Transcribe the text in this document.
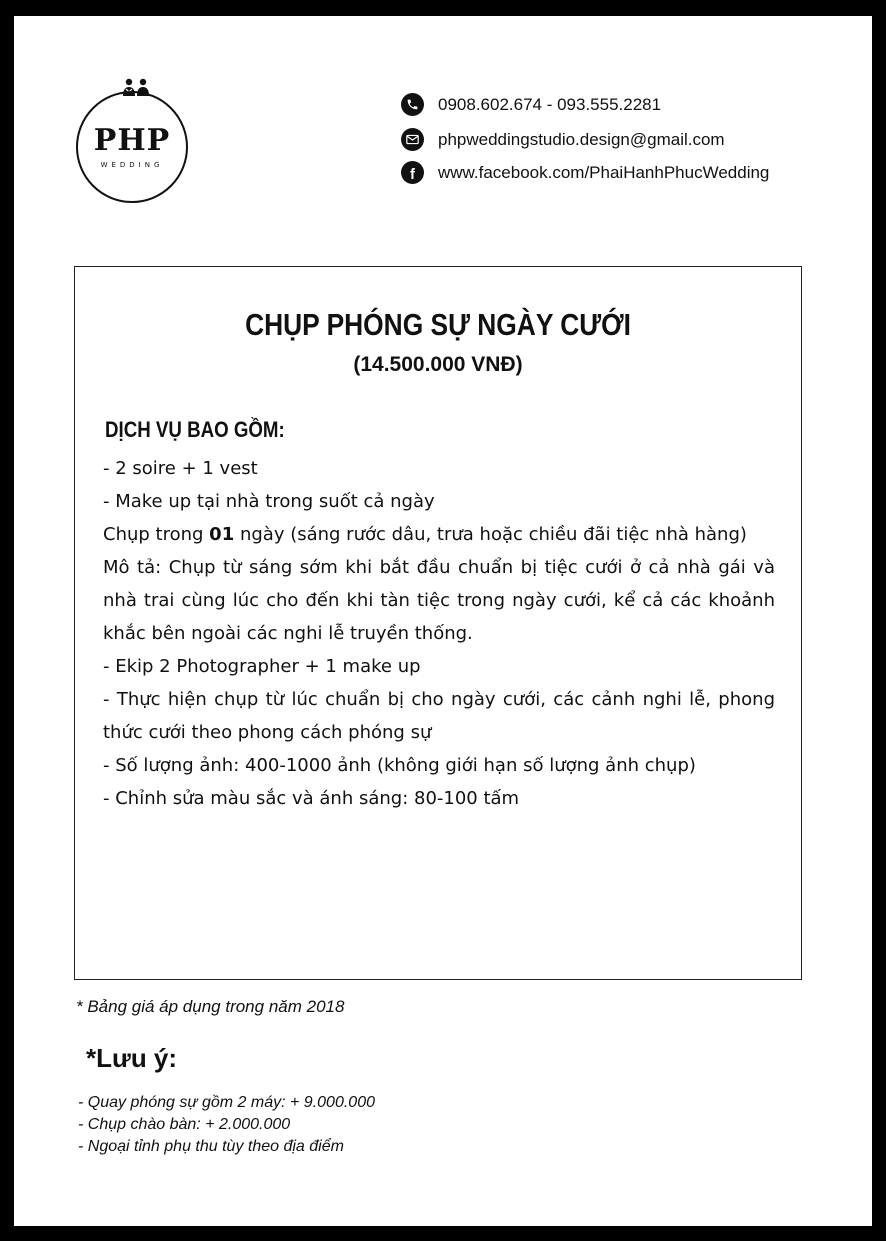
PHP
WEDDING
0908.602.674 - 093.555.2281
phpweddingstudio.design@gmail.com
f www.facebook.com/PhaiHanhPhucWedding
CHỤP PHÓNG SỰ NGÀY CƯỚI
(14.500.000 VNĐ)
DỊCH VỤ BAO GỒM:

- 2 soire + 1 vest

- Make up tại nhà trong suốt cả ngày

Chụp trong 01 ngày (sáng rước dâu, trưa hoặc chiều đãi tiệc nhà hàng)

Mô tả: Chụp từ sáng sớm khi bắt đầu chuẩn bị tiệc cưới ở cả nhà gái và nhà trai cùng lúc cho đến khi tàn tiệc trong ngày cưới, kể cả các khoảnh khắc bên ngoài các nghi lễ truyền thống.

- Ekip 2 Photographer + 1 make up

- Thực hiện chụp từ lúc chuẩn bị cho ngày cưới, các cảnh nghi lễ, phong thức cưới theo phong cách phóng sự

- Số lượng ảnh: 400-1000 ảnh (không giới hạn số lượng ảnh chụp)

- Chỉnh sửa màu sắc và ánh sáng: 80-100 tấm

* Bảng giá áp dụng trong năm 2018
*Lưu ý:
- Quay phóng sự gồm 2 máy: + 9.000.000
- Chụp chào bàn: + 2.000.000
- Ngoại tỉnh phụ thu tùy theo địa điểm
